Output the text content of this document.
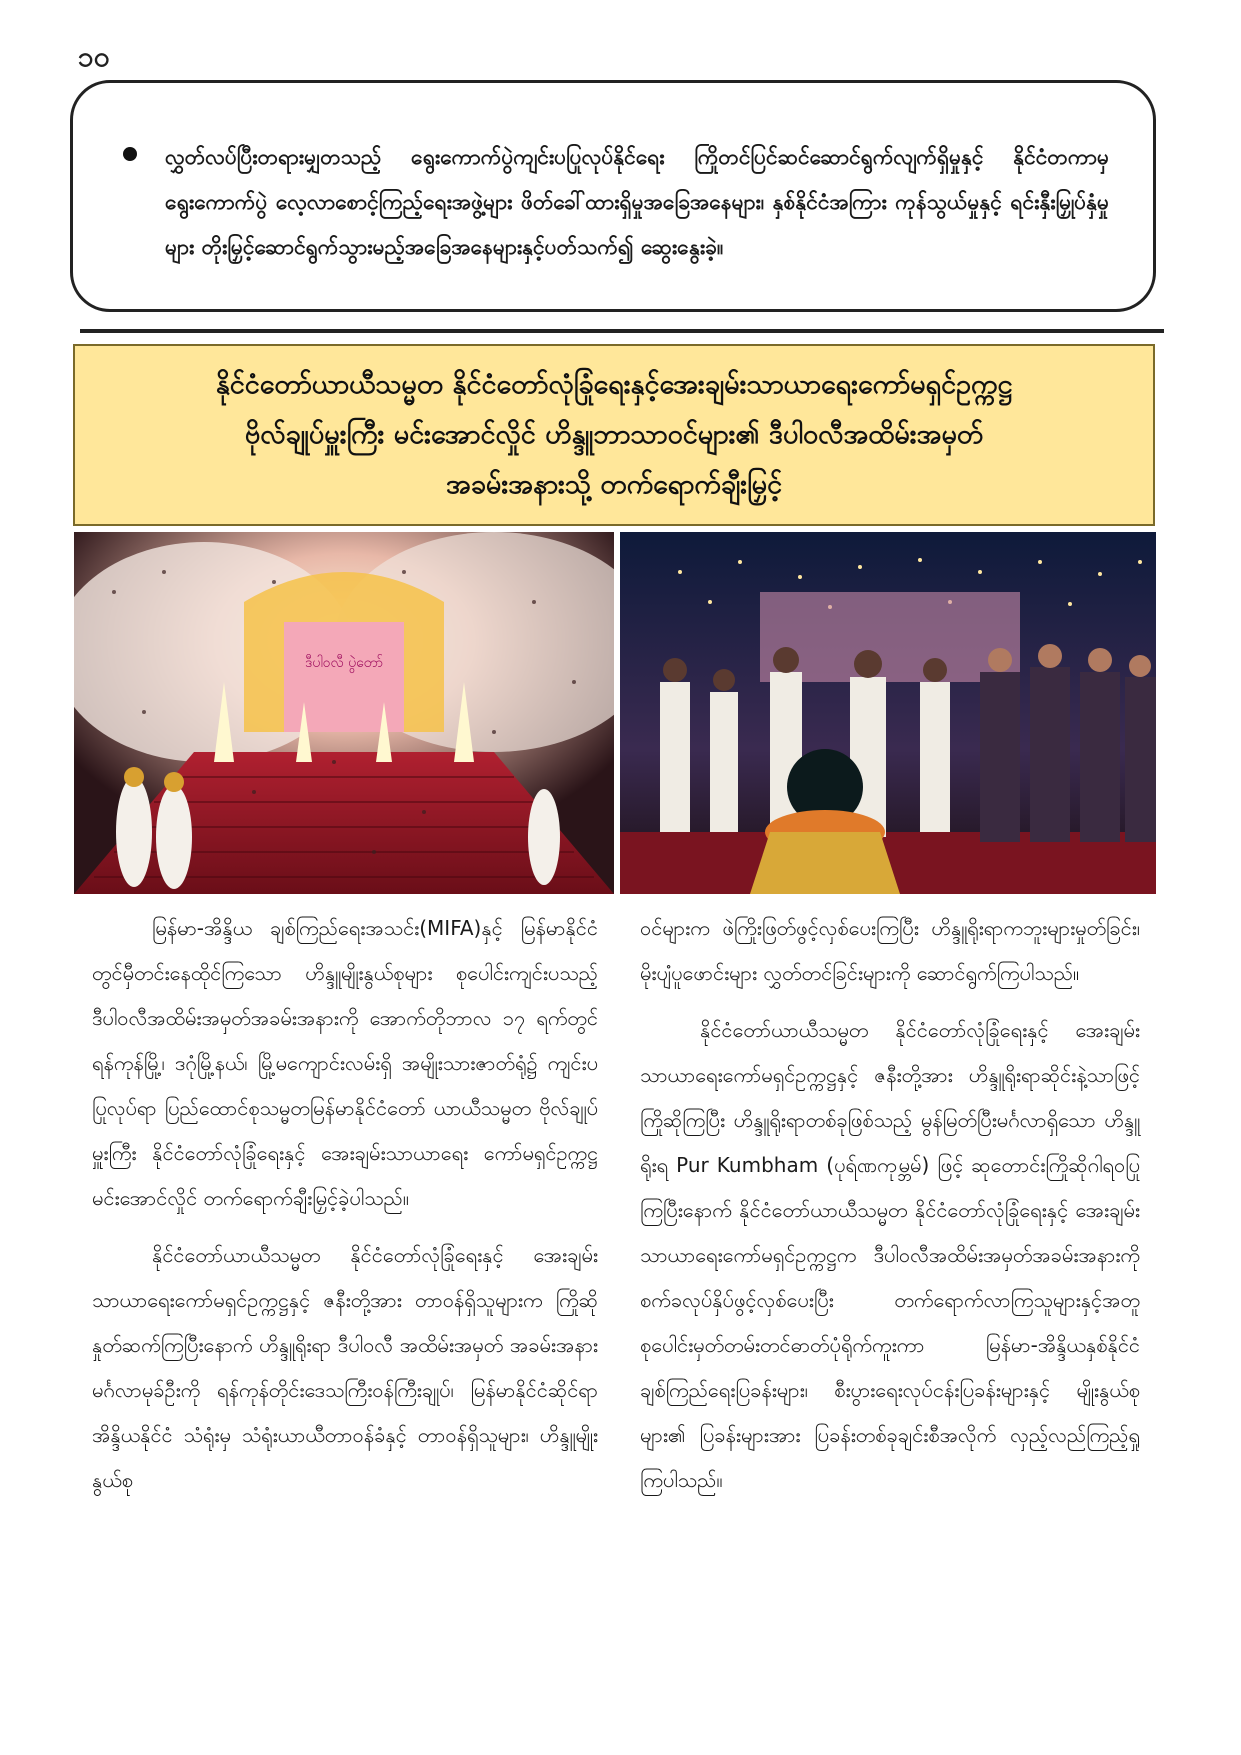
၁၀
လွှတ်လပ်ပြီးတရားမျှတသည့် ရွေးကောက်ပွဲကျင်းပပြုလုပ်နိုင်ရေး ကြိုတင်ပြင်ဆင်ဆောင်ရွက်လျက်ရှိမှုနှင့် နိုင်ငံတကာမှ ရွေးကောက်ပွဲ လေ့လာစောင့်ကြည့်ရေးအဖွဲ့များ ဖိတ်ခေါ်ထားရှိမှုအခြေအနေများ၊ နှစ်နိုင်ငံအကြား ကုန်သွယ်မှုနှင့် ရင်းနှီးမြှုပ်နှံမှုများ တိုးမြှင့်ဆောင်ရွက်သွားမည့်အခြေအနေများနှင့်ပတ်သက်၍ ဆွေးနွေးခဲ့။
နိုင်ငံတော်ယာယီသမ္မတ နိုင်ငံတော်လုံခြုံရေးနှင့်အေးချမ်းသာယာရေးကော်မရှင်ဥက္ကဋ္ဌ
ဗိုလ်ချုပ်မှူးကြီး မင်းအောင်လှိုင် ဟိန္ဒူဘာသာဝင်များ၏ ဒီပါဝလီအထိမ်းအမှတ်
အခမ်းအနားသို့ တက်ရောက်ချီးမြှင့်
ဒီပါဝလီ ပွဲတော်

မြန်မာ-အိန္ဒိယ ချစ်ကြည်ရေးအသင်း(MIFA)နှင့် မြန်မာနိုင်ငံတွင်မှီတင်းနေထိုင်ကြသော ဟိန္ဒူမျိုးနွယ်စုများ စုပေါင်းကျင်းပသည့် ဒီပါဝလီအထိမ်းအမှတ်အခမ်းအနားကို အောက်တိုဘာလ ၁၇ ရက်တွင် ရန်ကုန်မြို့၊ ဒဂုံမြို့နယ်၊ မြို့မကျောင်းလမ်းရှိ အမျိုးသားဇာတ်ရုံ၌ ကျင်းပပြုလုပ်ရာ ပြည်ထောင်စုသမ္မတမြန်မာနိုင်ငံတော် ယာယီသမ္မတ ဗိုလ်ချုပ်မှူးကြီး နိုင်ငံတော်လုံခြုံရေးနှင့် အေးချမ်းသာယာရေး ကော်မရှင်ဥက္ကဋ္ဌ မင်းအောင်လှိုင် တက်ရောက်ချီးမြှင့်ခဲ့ပါသည်။

နိုင်ငံတော်ယာယီသမ္မတ နိုင်ငံတော်လုံခြုံရေးနှင့် အေးချမ်းသာယာရေးကော်မရှင်ဥက္ကဋ္ဌနှင့် ဇနီးတို့အား တာဝန်ရှိသူများက ကြိုဆိုနှုတ်ဆက်ကြပြီးနောက် ဟိန္ဒူရိုးရာ ဒီပါဝလီ အထိမ်းအမှတ် အခမ်းအနား မင်္ဂလာမုခ်ဦးကို ရန်ကုန်တိုင်းဒေသကြီးဝန်ကြီးချုပ်၊ မြန်မာနိုင်ငံဆိုင်ရာ အိန္ဒိယနိုင်ငံ သံရုံးမှ သံရုံးယာယီတာဝန်ခံနှင့် တာဝန်ရှိသူများ၊ ဟိန္ဒူမျိုးနွယ်စု

ဝင်များက ဖဲကြိုးဖြတ်ဖွင့်လှစ်ပေးကြပြီး ဟိန္ဒူရိုးရာကဘူးများမှုတ်ခြင်း၊ မိုးပျံပူဖောင်းများ လွှတ်တင်ခြင်းများကို ဆောင်ရွက်ကြပါသည်။

နိုင်ငံတော်ယာယီသမ္မတ နိုင်ငံတော်လုံခြုံရေးနှင့် အေးချမ်းသာယာရေးကော်မရှင်ဥက္ကဋ္ဌနှင့် ဇနီးတို့အား ဟိန္ဒူရိုးရာဆိုင်းနဲ့သာဖြင့်ကြိုဆိုကြပြီး ဟိန္ဒူရိုးရာတစ်ခုဖြစ်သည့် မွန်မြတ်ပြီးမင်္ဂလာရှိသော ဟိန္ဒူရိုးရ Pur Kumbham (ပုရ်ဏကုမ္ဘမ်) ဖြင့် ဆုတောင်းကြိုဆိုဂါရဝပြုကြပြီးနောက် နိုင်ငံတော်ယာယီသမ္မတ နိုင်ငံတော်လုံခြုံရေးနှင့် အေးချမ်းသာယာရေးကော်မရှင်ဥက္ကဋ္ဌက ဒီပါဝလီအထိမ်းအမှတ်အခမ်းအနားကို စက်ခလုပ်နှိပ်ဖွင့်လှစ်ပေးပြီး တက်ရောက်လာကြသူများနှင့်အတူ စုပေါင်းမှတ်တမ်းတင်ဓာတ်ပုံရိုက်ကူးကာ မြန်မာ-အိန္ဒိယနှစ်နိုင်ငံချစ်ကြည်ရေးပြခန်းများ၊ စီးပွားရေးလုပ်ငန်းပြခန်းများနှင့် မျိုးနွယ်စုများ၏ ပြခန်းများအား ပြခန်းတစ်ခုချင်းစီအလိုက် လှည့်လည်ကြည့်ရှုကြပါသည်။
